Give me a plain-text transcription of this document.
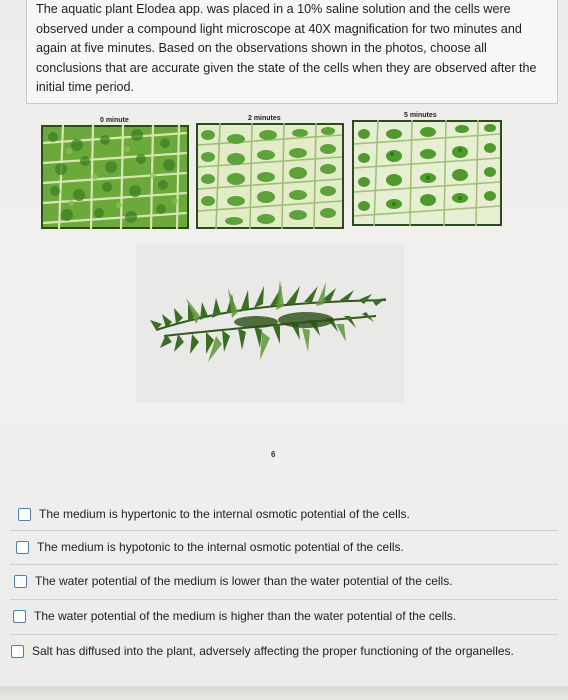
The aquatic plant Elodea app. was placed in a 10% saline solution and the cells were observed under a compound light microscope at 40X magnification for two minutes and again at five minutes. Based on the observations shown in the photos, choose all conclusions that are accurate given the state of the cells when they are observed after the initial time period.

0 minute	2 minutes	5 minutes
6
The medium is hypertonic to the internal osmotic potential of the cells.
The medium is hypotonic to the internal osmotic potential of the cells.
The water potential of the medium is lower than the water potential of the cells.
The water potential of the medium is higher than the water potential of the cells.
Salt has diffused into the plant, adversely affecting the proper functioning of the organelles.
